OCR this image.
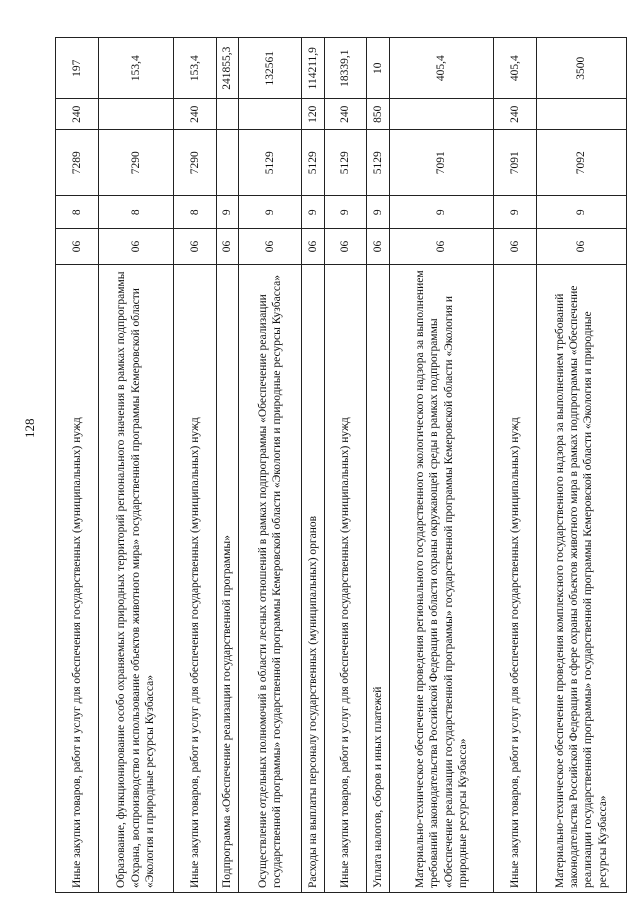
128	Иные закупки товаров, работ и услуг для обеспечения государственных (муниципальных) нужд	06	8	7289	240	197
Образование, функционирование особо охраняемых природных территорий регионального значения в рамках подпрограммы «Охрана, воспроизводство и использование объектов животного мира» государственной программы Кемеровской области «Экология и природные ресурсы Кузбасса»	06	8	7290		153,4
Иные закупки товаров, работ и услуг для обеспечения государственных (муниципальных) нужд	06	8	7290	240	153,4
Подпрограмма «Обеспечение реализации государственной программы»	06	9			241855,3
Осуществление отдельных полномочий в области лесных отношений в рамках подпрограммы «Обеспечение реализации государственной программы» государственной программы Кемеровской области «Экология и природные ресурсы Кузбасса»	06	9	5129		132561
Расходы на выплаты персоналу государственных (муниципальных) органов	06	9	5129	120	114211,9
Иные закупки товаров, работ и услуг для обеспечения государственных (муниципальных) нужд	06	9	5129	240	18339,1
Уплата налогов, сборов и иных платежей	06	9	5129	850	10
Материально-техническое обеспечение проведения регионального государственного экологического надзора за выполнением требований законодательства Российской Федерации в области охраны окружающей среды в рамках подпрограммы «Обеспечение реализации государственной программы» государственной программы Кемеровской области «Экология и природные ресурсы Кузбасса»	06	9	7091		405,4
Иные закупки товаров, работ и услуг для обеспечения государственных (муниципальных) нужд	06	9	7091	240	405,4
Материально-техническое обеспечение проведения комплексного государственного надзора за выполнением требований законодательства Российской Федерации в сфере охраны объектов животного мира в рамках подпрограммы «Обеспечение реализации государственной программы» государственной программы Кемеровской области «Экология и природные ресурсы Кузбасса»	06	9	7092		3500
